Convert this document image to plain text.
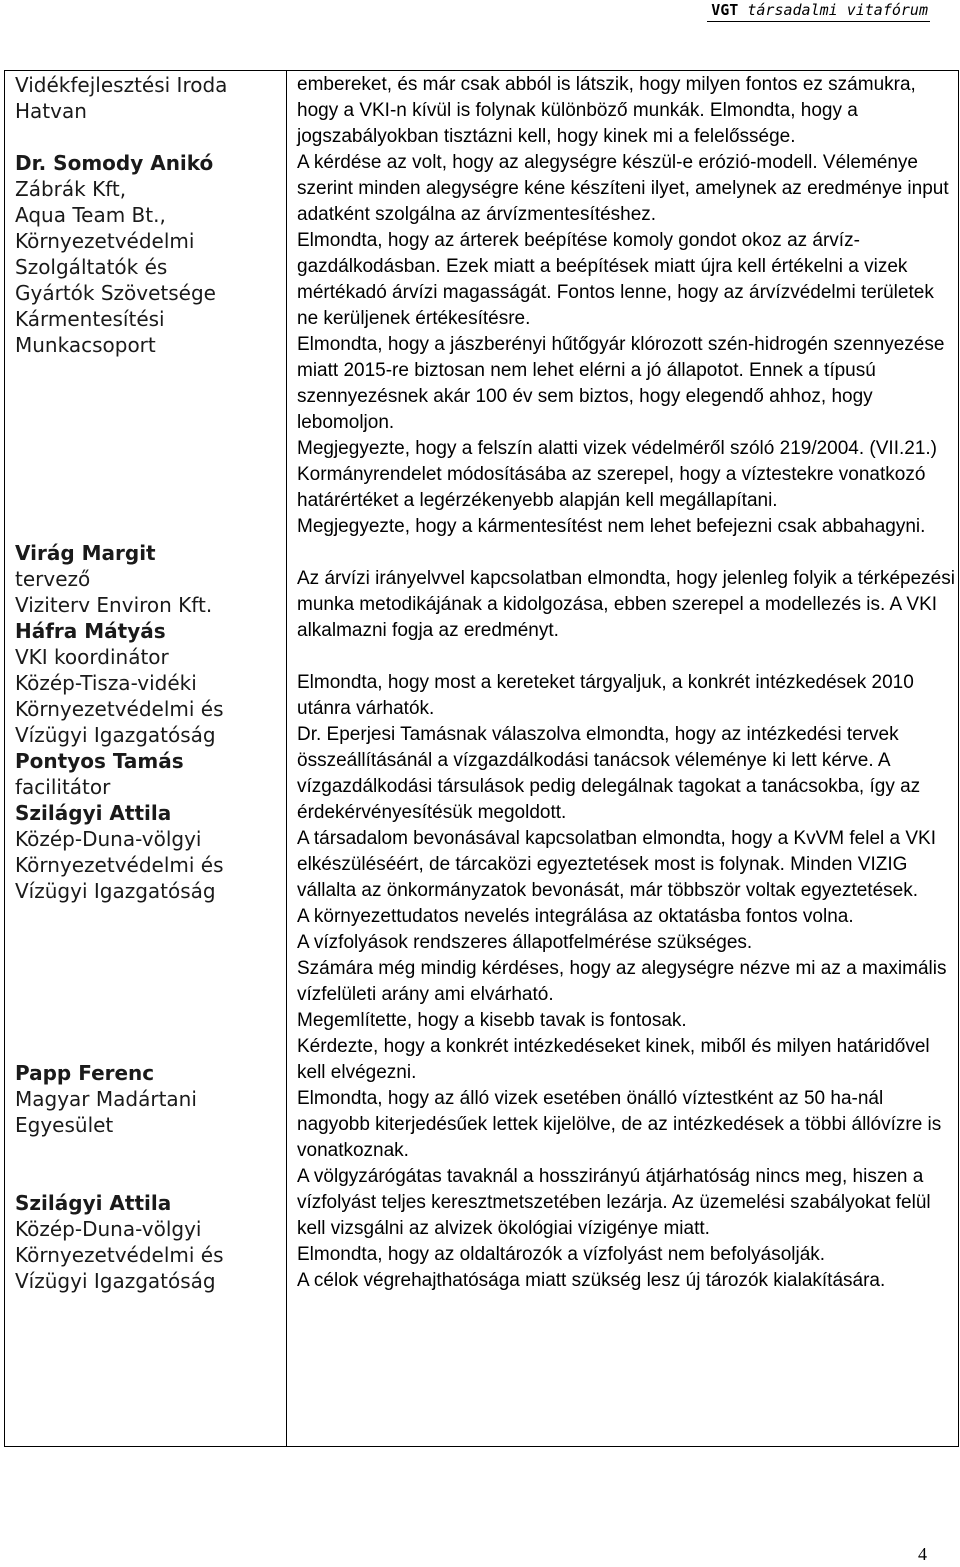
VGT társadalmi vitafórum
Vidékfejlesztési Iroda
Hatvan
Dr. Somody Anikó
Zábrák Kft,
Aqua Team Bt.,
Környezetvédelmi
Szolgáltatók és
Gyártók Szövetsége
Kármentesítési
Munkacsoport
Virág Margit
tervező
Viziterv Environ Kft.
Háfra Mátyás
VKI koordinátor
Közép-Tisza-vidéki
Környezetvédelmi és
Vízügyi Igazgatóság
Pontyos Tamás
facilitátor
Szilágyi Attila
Közép-Duna-völgyi
Környezetvédelmi és
Vízügyi Igazgatóság
Papp Ferenc
Magyar Madártani
Egyesület
Szilágyi Attila
Közép-Duna-völgyi
Környezetvédelmi és
Vízügyi Igazgatóság

embereket, és már csak abból is látszik, hogy milyen fontos ez számukra, hogy a VKI-n kívül is folynak különböző munkák. Elmondta, hogy a jogszabályokban tisztázni kell, hogy kinek mi a felelőssége.
A kérdése az volt, hogy az alegységre készül-e erózió-modell. Véleménye szerint minden alegységre kéne készíteni ilyet, amelynek az eredménye input adatként szolgálna az árvízmentesítéshez.
Elmondta, hogy az árterek beépítése komoly gondot okoz az árvíz-gazdálkodásban. Ezek miatt a beépítések miatt újra kell értékelni a vizek mértékadó árvízi magasságát. Fontos lenne, hogy az árvízvédelmi területek ne kerüljenek értékesítésre.
Elmondta, hogy a jászberényi hűtőgyár klórozott szén-hidrogén szennyezése miatt 2015-re biztosan nem lehet elérni a jó állapotot. Ennek a típusú szennyezésnek akár 100 év sem biztos, hogy elegendő ahhoz, hogy lebomoljon.
Megjegyezte, hogy a felszín alatti vizek védelméről szóló 219/2004. (VII.21.) Kormányrendelet módosításába az szerepel, hogy a víztestekre vonatkozó határértéket a legérzékenyebb alapján kell megállapítani.
Megjegyezte, hogy a kármentesítést nem lehet befejezni csak abbahagyni.
Az árvízi irányelvvel kapcsolatban elmondta, hogy jelenleg folyik a térképezési munka metodikájának a kidolgozása, ebben szerepel a modellezés is. A VKI alkalmazni fogja az eredményt.
Elmondta, hogy most a kereteket tárgyaljuk, a konkrét intézkedések 2010 utánra várhatók.
Dr. Eperjesi Tamásnak válaszolva elmondta, hogy az intézkedési tervek összeállításánál a vízgazdálkodási tanácsok véleménye ki lett kérve. A vízgazdálkodási társulások pedig delegálnak tagokat a tanácsokba, így az érdekérvényesítésük megoldott.
A társadalom bevonásával kapcsolatban elmondta, hogy a KvVM felel a VKI elkészüléséért, de tárcaközi egyeztetések most is folynak. Minden VIZIG vállalta az önkormányzatok bevonását, már többször voltak egyeztetések.
A környezettudatos nevelés integrálása az oktatásba fontos volna.
A vízfolyások rendszeres állapotfelmérése szükséges.
Számára még mindig kérdéses, hogy az alegységre nézve mi az a maximális vízfelületi arány ami elvárható.
Megemlítette, hogy a kisebb tavak is fontosak.
Kérdezte, hogy a konkrét intézkedéseket kinek, miből és milyen határidővel kell elvégezni.
Elmondta, hogy az álló vizek esetében önálló víztestként az 50 ha-nál nagyobb kiterjedésűek lettek kijelölve, de az intézkedések a többi állóvízre is vonatkoznak.
A völgyzárógátas tavaknál a hosszirányú átjárhatóság nincs meg, hiszen a vízfolyást teljes keresztmetszetében lezárja. Az üzemelési szabályokat felül kell vizsgálni az alvizek ökológiai vízigénye miatt.
Elmondta, hogy az oldaltározók a vízfolyást nem befolyásolják.
A célok végrehajthatósága miatt szükség lesz új tározók kialakítására.
4
